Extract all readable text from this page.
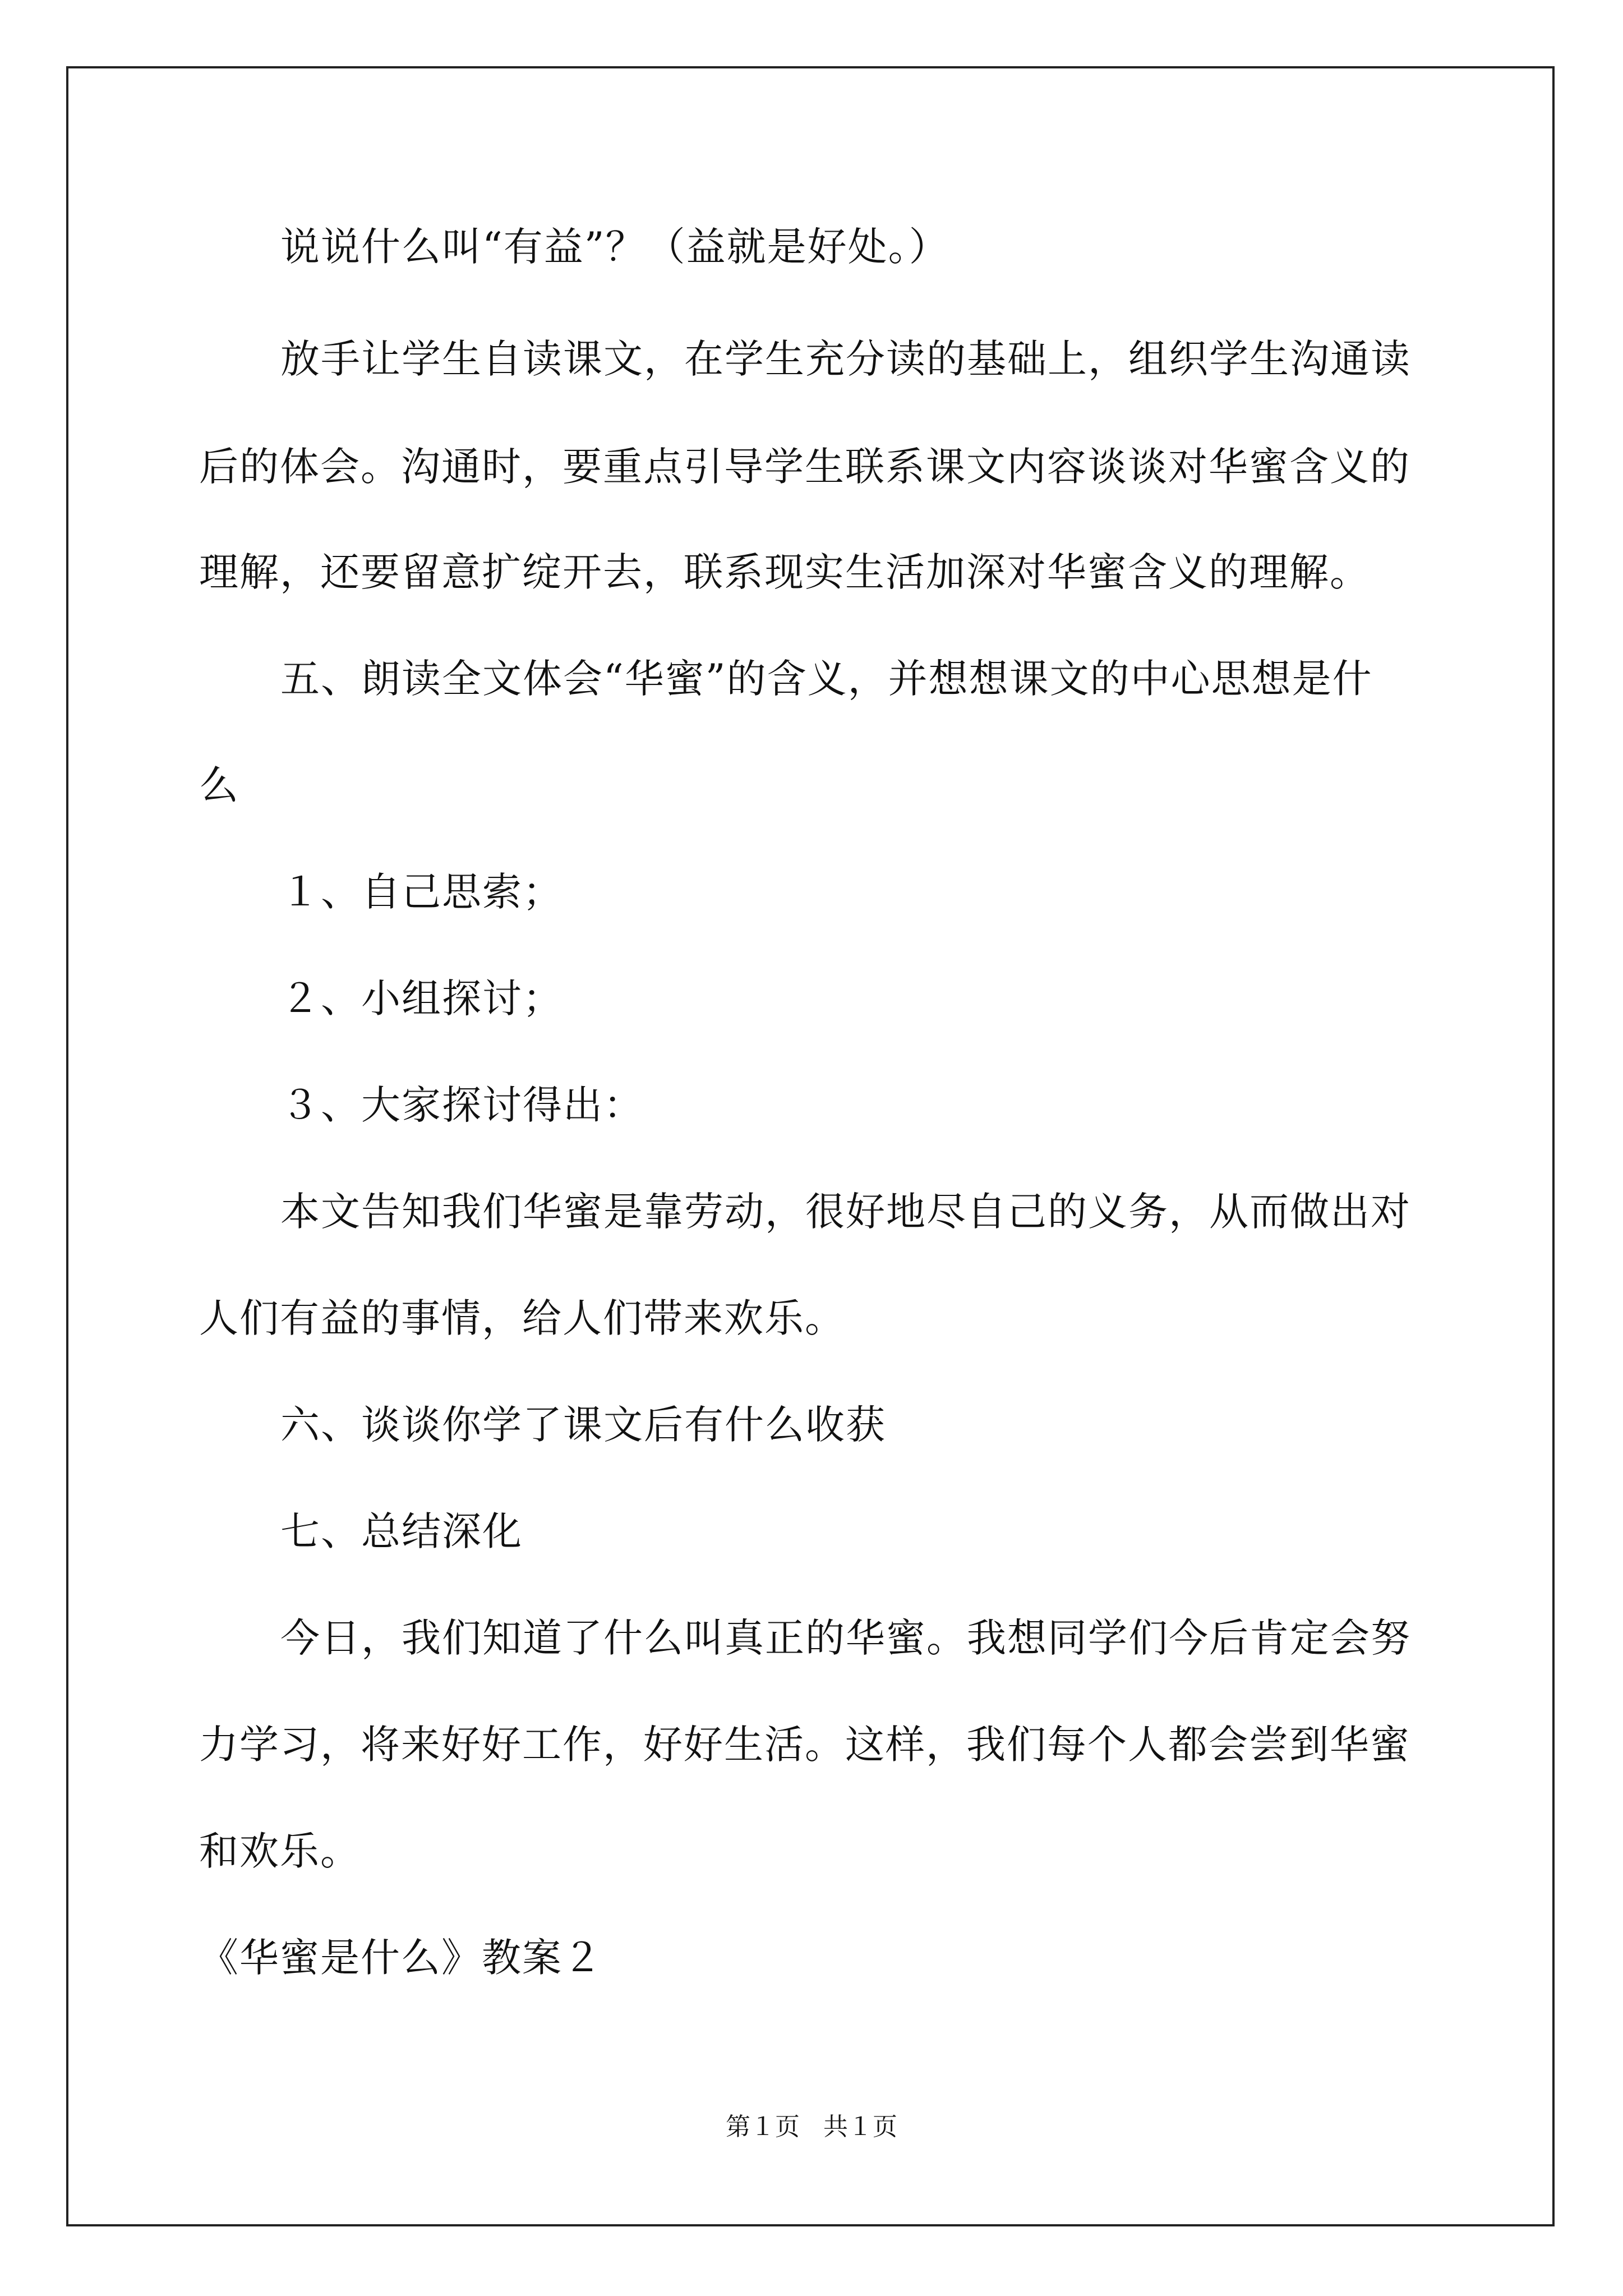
说说什么叫“有益”？（益就是好处。）

放手让学生自读课文，在学生充分读的基础上，组织学生沟通读

后的体会。沟通时，要重点引导学生联系课文内容谈谈对华蜜含义的

理解，还要留意扩绽开去，联系现实生活加深对华蜜含义的理解。

五、朗读全文体会“华蜜”的含义，并想想课文的中心思想是什

么

１、自己思索；

２、小组探讨；

３、大家探讨得出：

本文告知我们华蜜是靠劳动，很好地尽自己的义务，从而做出对

人们有益的事情，给人们带来欢乐。

六、谈谈你学了课文后有什么收获

七、总结深化

今日，我们知道了什么叫真正的华蜜。我想同学们今后肯定会努

力学习，将来好好工作，好好生活。这样，我们每个人都会尝到华蜜

和欢乐。

《华蜜是什么》教案２

第１页   共１页
